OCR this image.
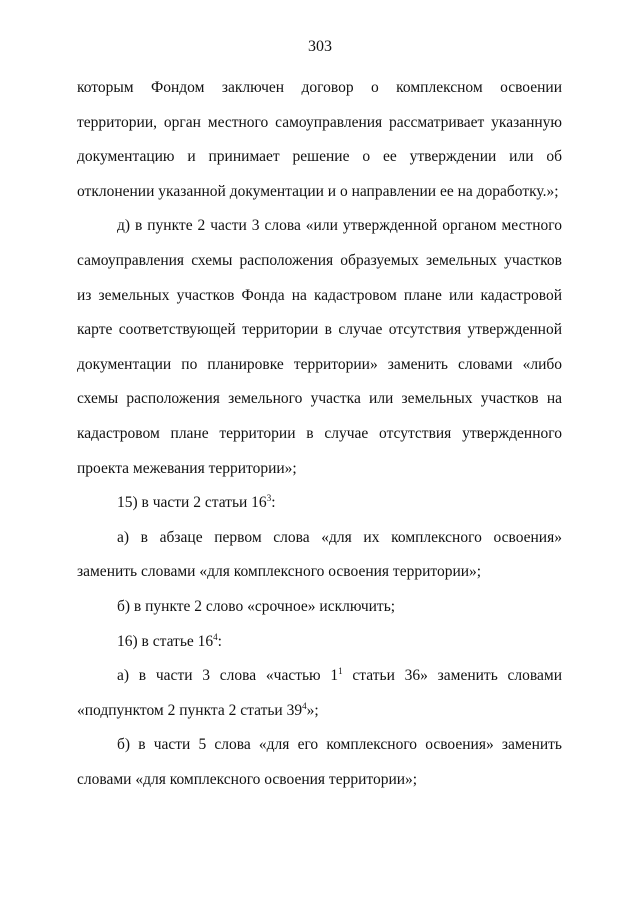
303

которым Фондом заключен договор о комплексном освоении территории, орган местного самоуправления рассматривает указанную документацию и принимает решение о ее утверждении или об отклонении указанной документации и о направлении ее на доработку.»;

д) в пункте 2 части 3 слова «или утвержденной органом местного самоуправления схемы расположения образуемых земельных участков из земельных участков Фонда на кадастровом плане или кадастровой карте соответствующей территории в случае отсутствия утвержденной документации по планировке территории» заменить словами «либо схемы расположения земельного участка или земельных участков на кадастровом плане территории в случае отсутствия утвержденного проекта межевания территории»;

15) в части 2 статьи $16^3$:

а) в абзаце первом слова «для их комплексного освоения» заменить словами «для комплексного освоения территории»;

б) в пункте 2 слово «срочное» исключить;

16) в статье $16^4$:

а) в части 3 слова «частью $1^1$ статьи 36» заменить словами «подпунктом 2 пункта 2 статьи $39^4$»;

б) в части 5 слова «для его комплексного освоения» заменить словами «для комплексного освоения территории»;
